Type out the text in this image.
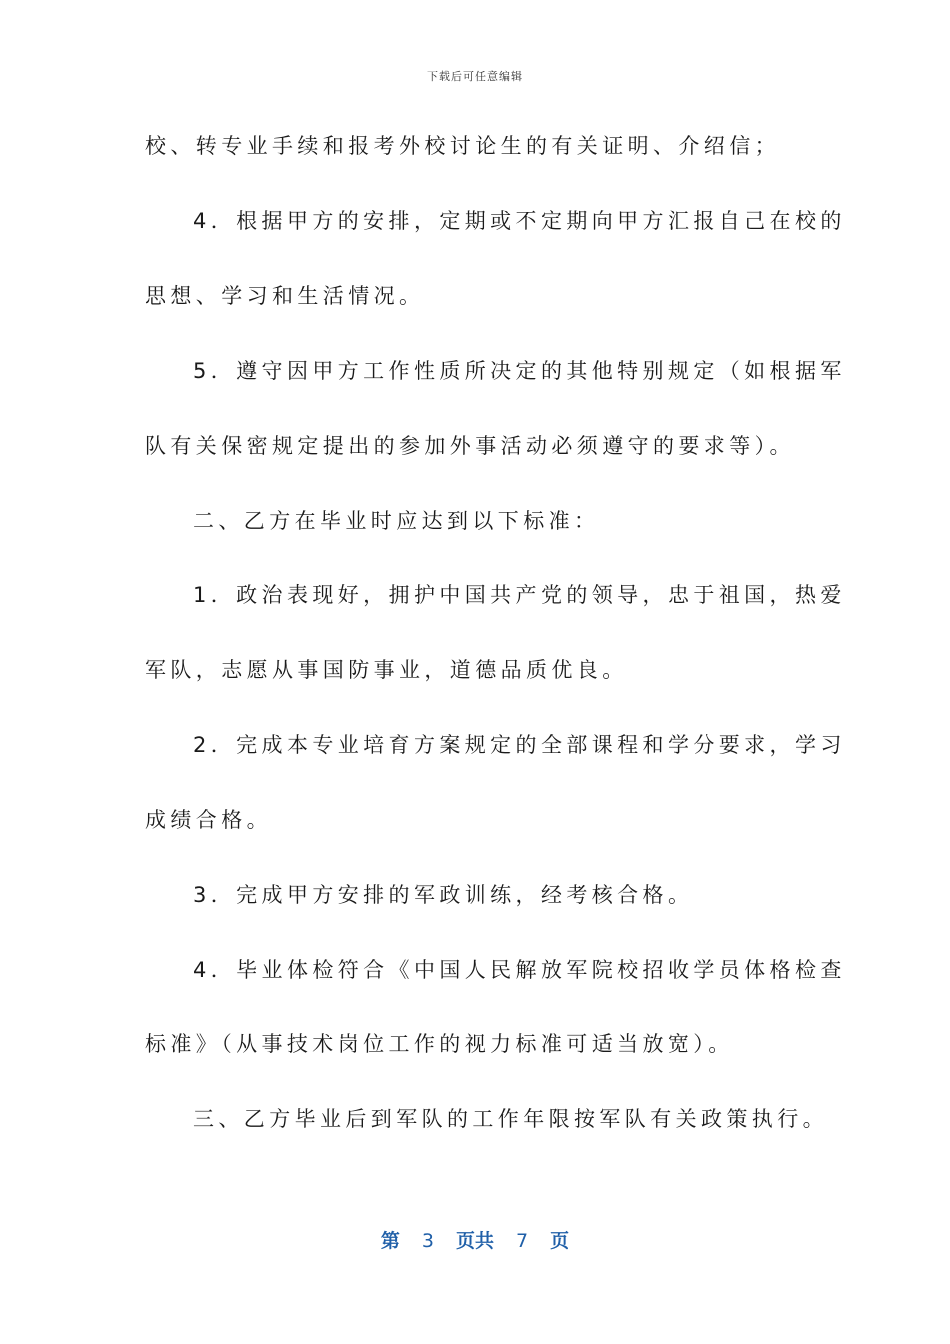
下载后可任意编辑
校、转专业手续和报考外校讨论生的有关证明、介绍信；
4．根据甲方的安排，定期或不定期向甲方汇报自己在校的
思想、学习和生活情况。
5．遵守因甲方工作性质所决定的其他特别规定（如根据军
队有关保密规定提出的参加外事活动必须遵守的要求等）。
二、乙方在毕业时应达到以下标准：
1．政治表现好，拥护中国共产党的领导，忠于祖国，热爱
军队，志愿从事国防事业，道德品质优良。
2．完成本专业培育方案规定的全部课程和学分要求，学习
成绩合格。
3．完成甲方安排的军政训练，经考核合格。
4．毕业体检符合《中国人民解放军院校招收学员体格检查
标准》（从事技术岗位工作的视力标准可适当放宽）。
三、乙方毕业后到军队的工作年限按军队有关政策执行。
第 3 页共 7 页
